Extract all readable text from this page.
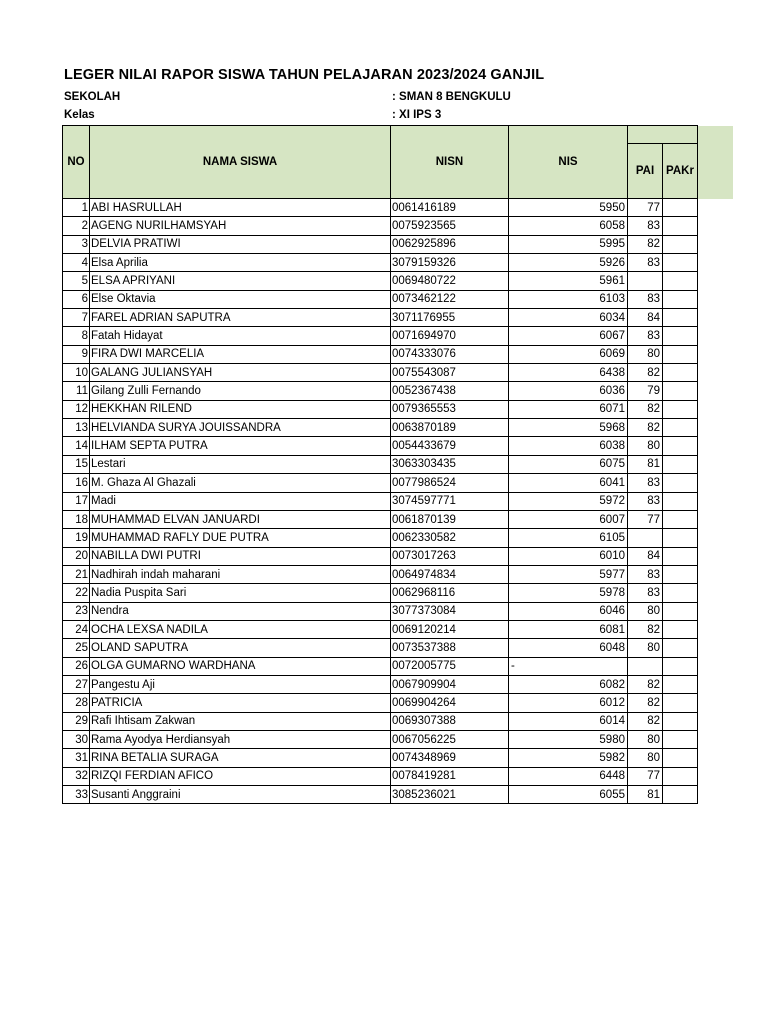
LEGER NILAI RAPOR SISWA TAHUN PELAJARAN 2023/2024 GANJIL
SEKOLAH	: SMAN 8 BENGKULU
Kelas	: XI IPS 3
NO	NAMA SISWA	NISN	NIS		
				PAI	PAKr
1	ABI HASRULLAH	0061416189	5950	77	
2	AGENG NURILHAMSYAH	0075923565	6058	83	
3	DELVIA PRATIWI	0062925896	5995	82	
4	Elsa Aprilia	3079159326	5926	83	
5	ELSA APRIYANI	0069480722	5961		
6	Else Oktavia	0073462122	6103	83	
7	FAREL ADRIAN SAPUTRA	3071176955	6034	84	
8	Fatah Hidayat	0071694970	6067	83	
9	FIRA DWI MARCELIA	0074333076	6069	80	
10	GALANG JULIANSYAH	0075543087	6438	82	
11	Gilang Zulli Fernando	0052367438	6036	79	
12	HEKKHAN RILEND	0079365553	6071	82	
13	HELVIANDA SURYA JOUISSANDRA	0063870189	5968	82	
14	ILHAM SEPTA PUTRA	0054433679	6038	80	
15	Lestari	3063303435	6075	81	
16	M. Ghaza Al Ghazali	0077986524	6041	83	
17	Madi	3074597771	5972	83	
18	MUHAMMAD ELVAN JANUARDI	0061870139	6007	77	
19	MUHAMMAD RAFLY DUE PUTRA	0062330582	6105		
20	NABILLA DWI PUTRI	0073017263	6010	84	
21	Nadhirah indah maharani	0064974834	5977	83	
22	Nadia Puspita Sari	0062968116	5978	83	
23	Nendra	3077373084	6046	80	
24	OCHA LEXSA NADILA	0069120214	6081	82	
25	OLAND SAPUTRA	0073537388	6048	80	
26	OLGA GUMARNO WARDHANA	0072005775	-		
27	Pangestu Aji	0067909904	6082	82	
28	PATRICIA	0069904264	6012	82	
29	Rafi Ihtisam Zakwan	0069307388	6014	82	
30	Rama Ayodya Herdiansyah	0067056225	5980	80	
31	RINA BETALIA SURAGA	0074348969	5982	80	
32	RIZQI FERDIAN AFICO	0078419281	6448	77	
33	Susanti Anggraini	3085236021	6055	81	
